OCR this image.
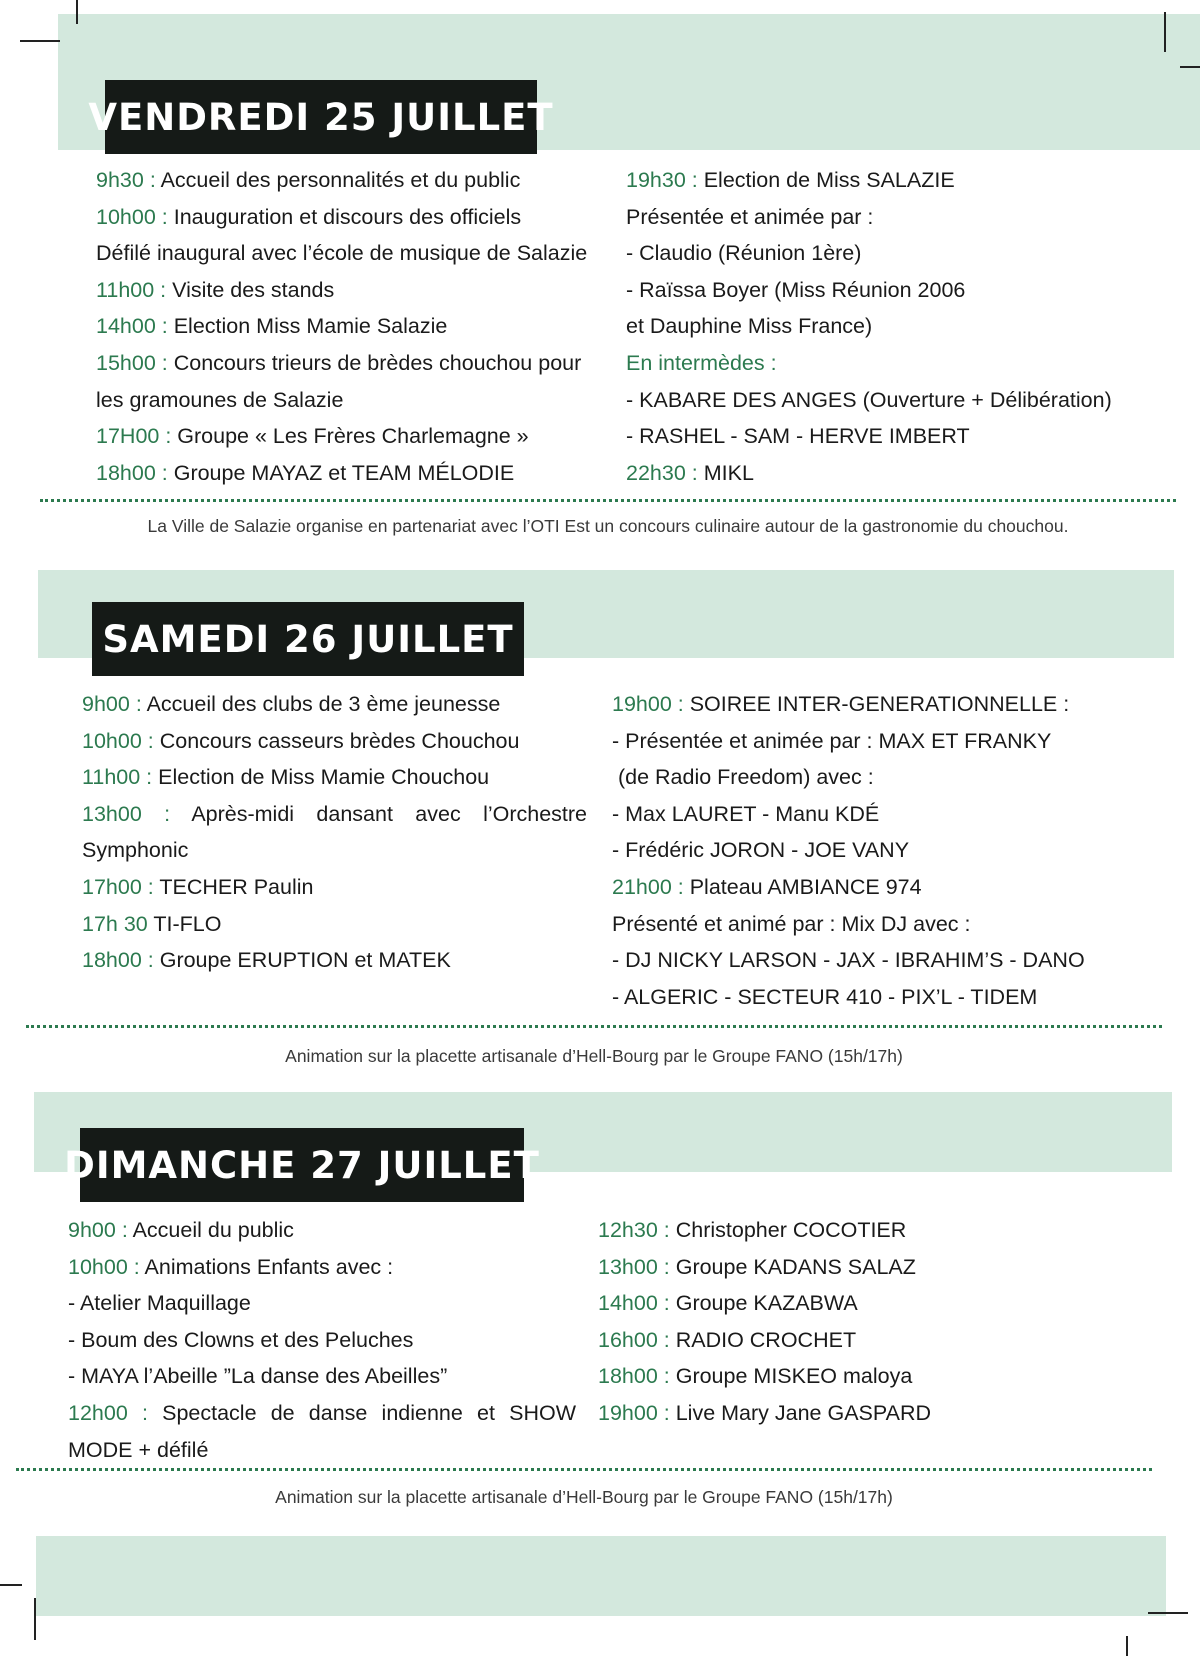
VENDREDI 25 JUILLET
9h30 : Accueil des personnalités et du public
10h00 : Inauguration et discours des officiels
Défilé inaugural avec l’école de musique de Salazie
11h00 : Visite des stands
14h00 : Election Miss Mamie Salazie
15h00 : Concours trieurs de brèdes chouchou pour
les gramounes de Salazie
17H00 : Groupe « Les Frères Charlemagne »
18h00 : Groupe MAYAZ et TEAM MÉLODIE
19h30 : Election de Miss SALAZIE
Présentée et animée par :
- Claudio (Réunion 1ère)
- Raïssa Boyer (Miss Réunion 2006
et Dauphine Miss France)
En intermèdes :
- KABARE DES ANGES (Ouverture + Délibération)
- RASHEL - SAM - HERVE IMBERT
22h30 : MIKL
La Ville de Salazie organise en partenariat avec l’OTI Est un concours culinaire autour de la gastronomie du chouchou.
SAMEDI 26 JUILLET
9h00 : Accueil des clubs de 3 ème jeunesse
10h00 : Concours casseurs brèdes Chouchou
11h00 : Election de Miss Mamie Chouchou
13h00 : Après-midi dansant avec l’Orchestre
Symphonic
17h00 : TECHER Paulin
17h 30 TI-FLO
18h00 : Groupe ERUPTION et MATEK
19h00 : SOIREE INTER-GENERATIONNELLE :
- Présentée et animée par : MAX ET FRANKY
(de Radio Freedom) avec :
- Max LAURET - Manu KDÉ
- Frédéric JORON - JOE VANY
21h00 : Plateau AMBIANCE 974
Présenté et animé par : Mix DJ avec :
- DJ NICKY LARSON - JAX - IBRAHIM’S - DANO
- ALGERIC - SECTEUR 410 - PIX’L - TIDEM
Animation sur la placette artisanale d’Hell-Bourg par le Groupe FANO (15h/17h)
DIMANCHE 27 JUILLET
9h00 : Accueil du public
10h00 : Animations Enfants avec :
- Atelier Maquillage
- Boum des Clowns et des Peluches
- MAYA l’Abeille ”La danse des Abeilles”
12h00 : Spectacle de danse indienne et SHOW
MODE + défilé
12h30 : Christopher COCOTIER
13h00 : Groupe KADANS SALAZ
14h00 : Groupe KAZABWA
16h00 : RADIO CROCHET
18h00 : Groupe MISKEO maloya
19h00 : Live Mary Jane GASPARD
Animation sur la placette artisanale d’Hell-Bourg par le Groupe FANO (15h/17h)
